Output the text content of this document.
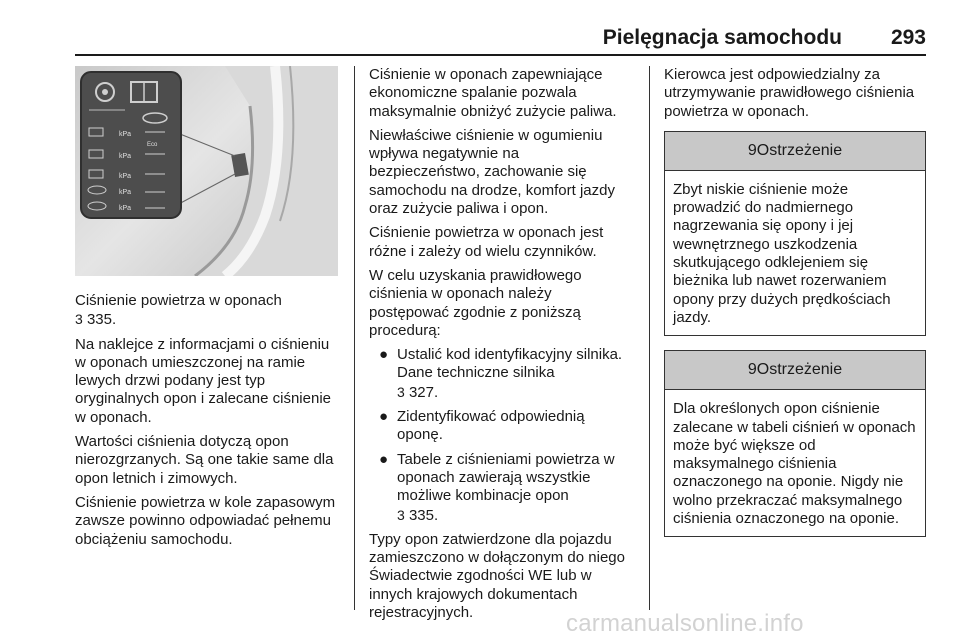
Pielęgnacja samochodu 293
kPa
kPa
Eco
kPa
kPa
kPa

Ciśnienie powietrza w oponach
3 335.

Na naklejce z informacjami o ciśnieniu w oponach umieszczonej na ramie lewych drzwi podany jest typ oryginalnych opon i zalecane ciśnienie w oponach.

Wartości ciśnienia dotyczą opon nierozgrzanych. Są one takie same dla opon letnich i zimowych.

Ciśnienie powietrza w kole zapasowym zawsze powinno odpowiadać pełnemu obciążeniu samochodu.

Ciśnienie w oponach zapewniające ekonomiczne spalanie pozwala maksymalnie obniżyć zużycie paliwa.

Niewłaściwe ciśnienie w ogumieniu wpływa negatywnie na bezpieczeństwo, zachowanie się samochodu na drodze, komfort jazdy oraz zużycie paliwa i opon.

Ciśnienie powietrza w oponach jest różne i zależy od wielu czynników.

W celu uzyskania prawidłowego ciśnienia w oponach należy postępować zgodnie z poniższą procedurą:

● Ustalić kod identyfikacyjny silnika. Dane techniczne silnika
3 327.
● Zidentyfikować odpowiednią oponę.
● Tabele z ciśnieniami powietrza w oponach zawierają wszystkie możliwe kombinacje opon
3 335.

Typy opon zatwierdzone dla pojazdu zamieszczono w dołączonym do niego Świadectwie zgodności WE lub w innych krajowych dokumentach rejestracyjnych.

Kierowca jest odpowiedzialny za utrzymywanie prawidłowego ciśnienia powietrza w oponach.

9Ostrzeżenie
Zbyt niskie ciśnienie może prowadzić do nadmiernego nagrzewania się opony i jej wewnętrznego uszkodzenia skutkującego odklejeniem się bieżnika lub nawet rozerwaniem opony przy dużych prędkościach jazdy.
9Ostrzeżenie
Dla określonych opon ciśnienie zalecane w tabeli ciśnień w oponach może być większe od maksymalnego ciśnienia oznaczonego na oponie. Nigdy nie wolno przekraczać maksymalnego ciśnienia oznaczonego na oponie.
carmanualsonline.info
